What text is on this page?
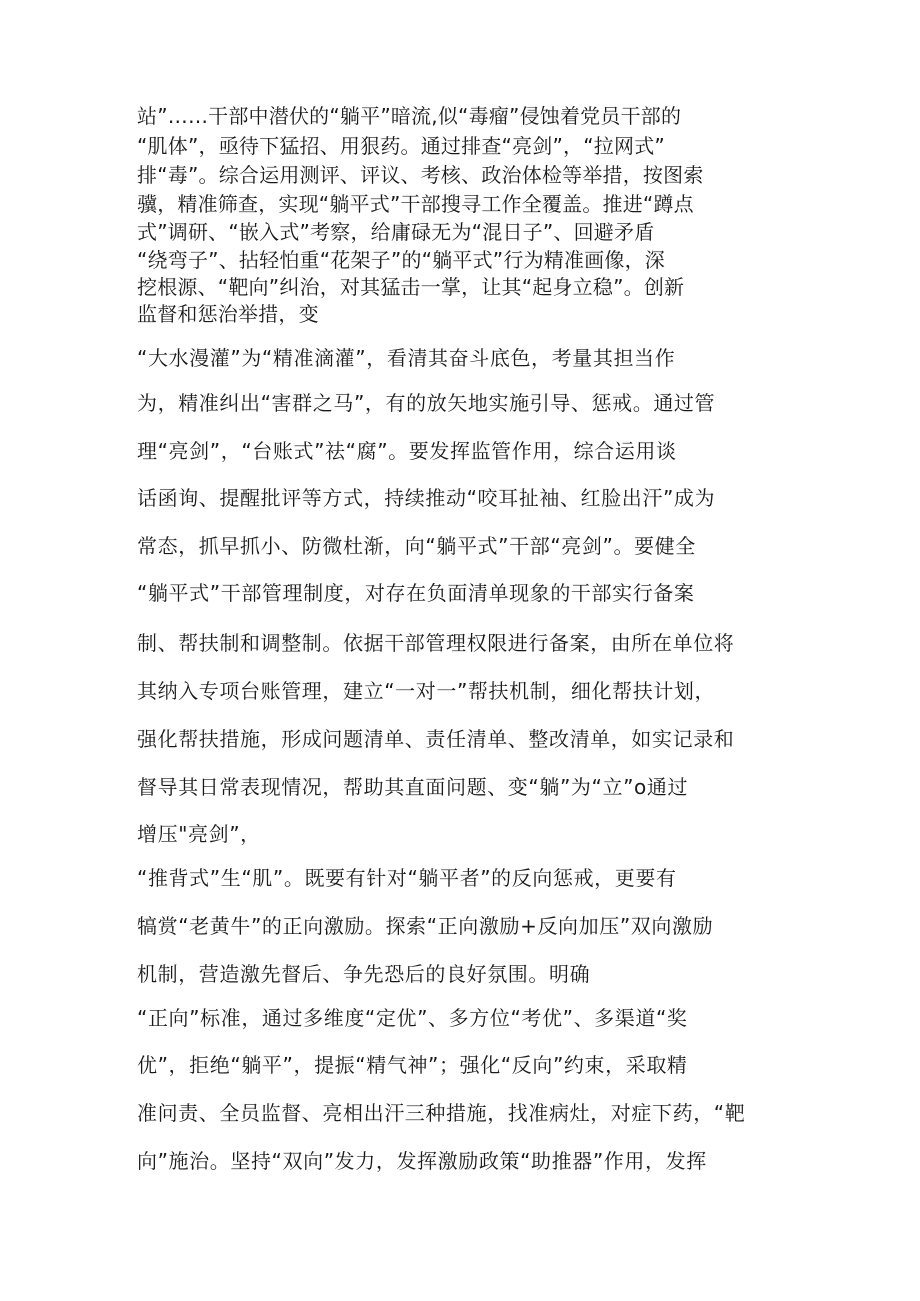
站”……干部中潜伏的“躺平”暗流,似“毒瘤”侵蚀着党员干部的
“肌体”，亟待下猛招、用狠药。通过排查“亮剑”，“拉网式”
排“毒”。综合运用测评、评议、考核、政治体检等举措，按图索
骥，精准筛查，实现“躺平式”干部搜寻工作全覆盖。推进“蹲点
式”调研、“嵌入式”考察，给庸碌无为“混日子”、回避矛盾
“绕弯子”、拈轻怕重“花架子”的“躺平式”行为精准画像，深
挖根源、“靶向”纠治，对其猛击一掌，让其“起身立稳”。创新
监督和惩治举措，变
“大水漫灌”为“精准滴灌”，看清其奋斗底色，考量其担当作
为，精准纠出“害群之马”，有的放矢地实施引导、惩戒。通过管
理“亮剑”，“台账式”祛“腐”。要发挥监管作用，综合运用谈
话函询、提醒批评等方式，持续推动“咬耳扯袖、红脸出汗”成为
常态，抓早抓小、防微杜渐，向“躺平式”干部“亮剑”。要健全
“躺平式”干部管理制度，对存在负面清单现象的干部实行备案
制、帮扶制和调整制。依据干部管理权限进行备案，由所在单位将
其纳入专项台账管理，建立“一对一”帮扶机制，细化帮扶计划，
强化帮扶措施，形成问题清单、责任清单、整改清单，如实记录和
督导其日常表现情况，帮助其直面问题、变“躺”为“立”o通过
增压"亮剑”，
“推背式”生“肌”。既要有针对“躺平者”的反向惩戒，更要有
犒赏“老黄牛”的正向激励。探索“正向激励+反向加压”双向激励
机制，营造激先督后、争先恐后的良好氛围。明确
“正向”标准，通过多维度“定优”、多方位“考优”、多渠道“奖
优”，拒绝“躺平”，提振“精气神”；强化“反向”约束，采取精
准问责、全员监督、亮相出汗三种措施，找准病灶，对症下药，“靶
向”施治。坚持“双向”发力，发挥激励政策“助推器”作用，发挥
